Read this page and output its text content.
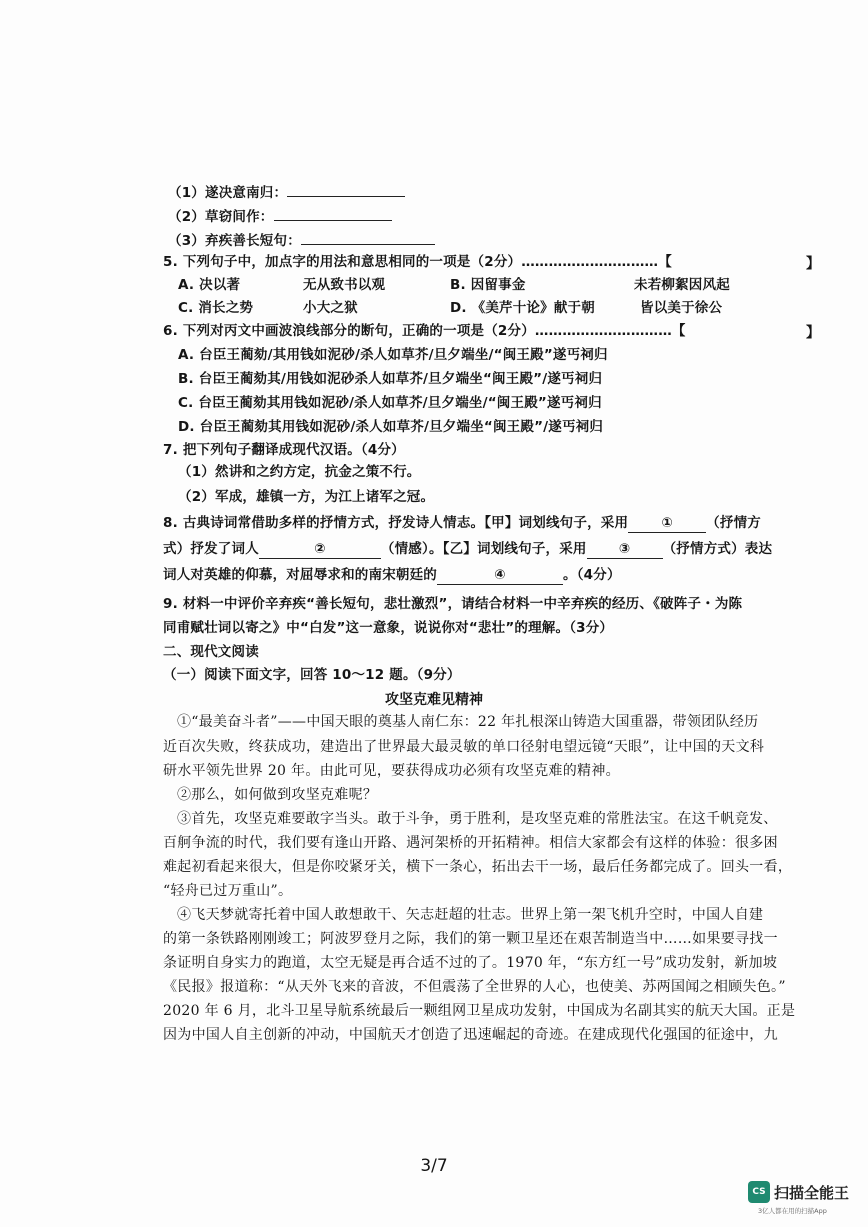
（1）遂决意南归：
（2）草窃间作：
（3）弃疾善长短句：
5. 下列句子中，加点字的用法和意思相同的一项是（2分）…………………………【	】
A. 决以著	无从致书以观	B. 因留事金	未若柳絮因风起
C. 消长之势	小大之狱	D. 《美芹十论》献于朝	皆以美于徐公
6. 下列对丙文中画波浪线部分的断句，正确的一项是（2分）…………………………【	】
A. 台臣王蔺劾/其用钱如泥砂/杀人如草芥/旦夕端坐/“闽王殿”遂丐祠归
B. 台臣王蔺劾其/用钱如泥砂杀人如草芥/旦夕端坐“闽王殿”/遂丐祠归
C. 台臣王蔺劾其用钱如泥砂/杀人如草芥/旦夕端坐/“闽王殿”遂丐祠归
D. 台臣王蔺劾其用钱如泥砂/杀人如草芥/旦夕端坐“闽王殿”/遂丐祠归
7. 把下列句子翻译成现代汉语。（4分）
（1）然讲和之约方定，抗金之策不行。
（2）军成，雄镇一方，为江上诸军之冠。
8. 古典诗词常借助多样的抒情方式，抒发诗人情志。【甲】词划线句子，采用 ① （抒情方
式）抒发了词人	②	（情感）。【乙】词划线句子，采用 ③ （抒情方式）表达
词人对英雄的仰慕，对屈辱求和的南宋朝廷的	④	。（4分）
9. 材料一中评价辛弃疾“善长短句，悲壮激烈”，请结合材料一中辛弃疾的经历、《破阵子・为陈
同甫赋壮词以寄之》中“白发”这一意象，说说你对“悲壮”的理解。（3分）
二、现代文阅读
（一）阅读下面文字，回答 10～12 题。（9分）
攻坚克难见精神
①“最美奋斗者”——中国天眼的奠基人南仁东：22 年扎根深山铸造大国重器，带领团队经历
近百次失败，终获成功，建造出了世界最大最灵敏的单口径射电望远镜“天眼”，让中国的天文科
研水平领先世界 20 年。由此可见，要获得成功必须有攻坚克难的精神。
②那么，如何做到攻坚克难呢？
③首先，攻坚克难要敢字当头。敢于斗争，勇于胜利，是攻坚克难的常胜法宝。在这千帆竞发、
百舸争流的时代，我们要有逢山开路、遇河架桥的开拓精神。相信大家都会有这样的体验：很多困
难起初看起来很大，但是你咬紧牙关，横下一条心，拓出去干一场，最后任务都完成了。回头一看，
“轻舟已过万重山”。
④飞天梦就寄托着中国人敢想敢干、矢志赶超的壮志。世界上第一架飞机升空时，中国人自建
的第一条铁路刚刚竣工；阿波罗登月之际，我们的第一颗卫星还在艰苦制造当中……如果要寻找一
条证明自身实力的跑道，太空无疑是再合适不过的了。1970 年，“东方红一号”成功发射，新加坡
《民报》报道称：“从天外飞来的音波，不但震荡了全世界的人心，也使美、苏两国闻之相顾失色。”
2020 年 6 月，北斗卫星导航系统最后一颗组网卫星成功发射，中国成为名副其实的航天大国。正是
因为中国人自主创新的冲动，中国航天才创造了迅速崛起的奇迹。在建成现代化强国的征途中，九
3/7
CS 扫描全能王
3亿人都在用的扫描App
